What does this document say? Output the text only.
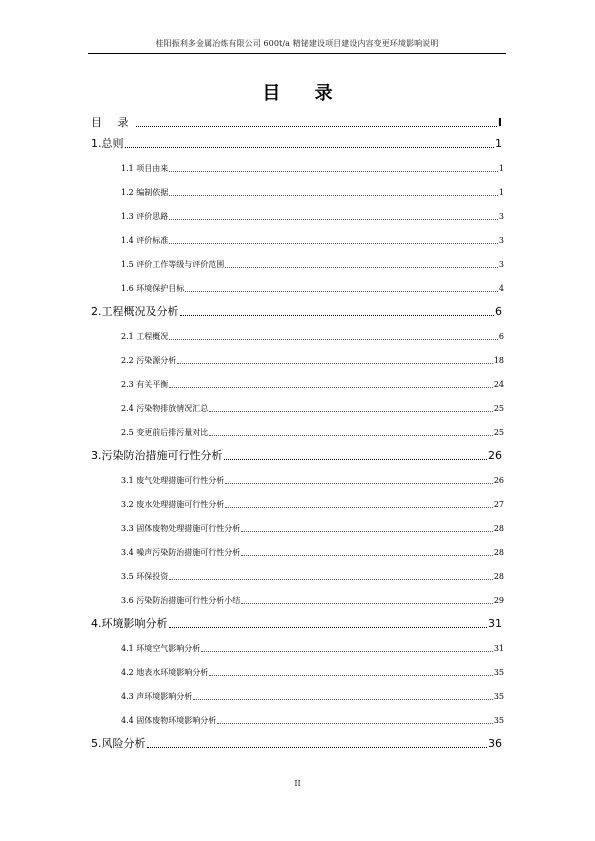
桂阳振利多金属冶炼有限公司 600t/a 精铋建设项目建设内容变更环境影响说明
目 录
目 录	I
1.总则	1
1.1 项目由来	1
1.2 编制依据	1
1.3 评价思路	3
1.4 评价标准	3
1.5 评价工作等级与评价范围	3
1.6 环境保护目标	4
2.工程概况及分析	6
2.1 工程概况	6
2.2 污染源分析	18
2.3 有关平衡	24
2.4 污染物排放情况汇总	25
2.5 变更前后排污量对比	25
3.污染防治措施可行性分析	26
3.1 废气处理措施可行性分析	26
3.2 废水处理措施可行性分析	27
3.3 固体废物处理措施可行性分析	28
3.4 噪声污染防治措施可行性分析	28
3.5 环保投资	28
3.6 污染防治措施可行性分析小结	29
4.环境影响分析	31
4.1 环境空气影响分析	31
4.2 地表水环境影响分析	35
4.3 声环境影响分析	35
4.4 固体废物环境影响分析	35
5.风险分析	36
II
